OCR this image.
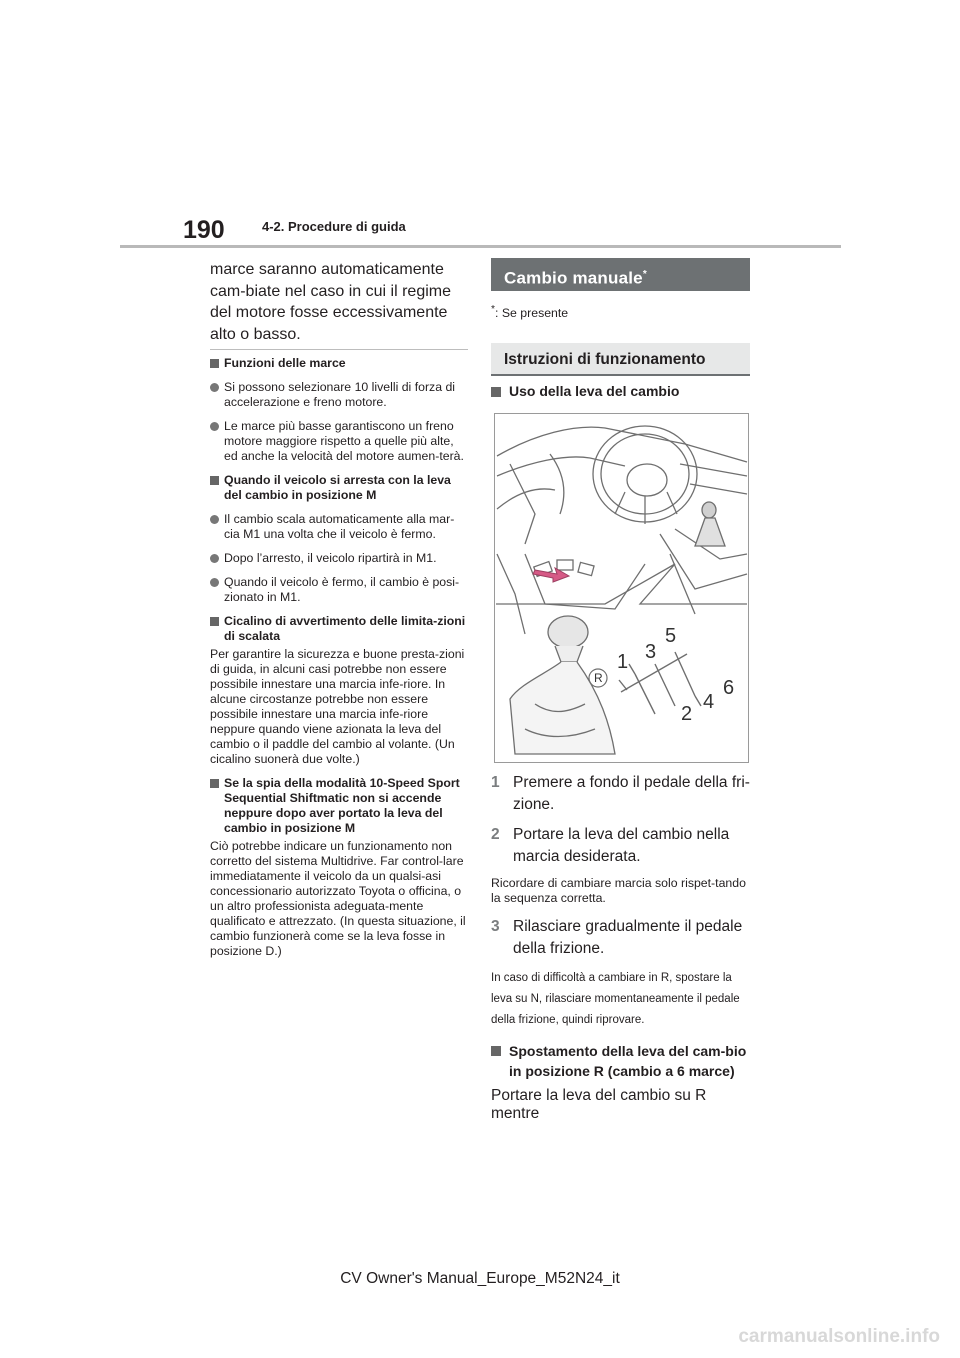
190	4-2. Procedure di guida
marce saranno automaticamente cam-biate nel caso in cui il regime del motore fosse eccessivamente alto o basso.
Funzioni delle marce
Si possono selezionare 10 livelli di forza di accelerazione e freno motore.
Le marce più basse garantiscono un freno motore maggiore rispetto a quelle più alte, ed anche la velocità del motore aumen-terà.
Quando il veicolo si arresta con la leva del cambio in posizione M
Il cambio scala automaticamente alla mar-cia M1 una volta che il veicolo è fermo.
Dopo l’arresto, il veicolo ripartirà in M1.
Quando il veicolo è fermo, il cambio è posi-zionato in M1.
Cicalino di avvertimento delle limita-zioni di scalata
Per garantire la sicurezza e buone presta-zioni di guida, in alcuni casi potrebbe non essere possibile innestare una marcia infe-riore. In alcune circostanze potrebbe non essere possibile innestare una marcia infe-riore neppure quando viene azionata la leva del cambio o il paddle del cambio al volante. (Un cicalino suonerà due volte.)
Se la spia della modalità 10-Speed Sport Sequential Shiftmatic non si accende neppure dopo aver portato la leva del cambio in posizione M
Ciò potrebbe indicare un funzionamento non corretto del sistema Multidrive. Far control-lare immediatamente il veicolo da un qualsi-asi concessionario autorizzato Toyota o officina, o un altro professionista adeguata-mente qualificato e attrezzato. (In questa situazione, il cambio funzionerà come se la leva fosse in posizione D.)
Cambio manuale*
*: Se presente
Istruzioni di funzionamento
Uso della leva del cambio
1
2
3
4
5
6
R
1 Premere a fondo il pedale della fri-zione.
2 Portare la leva del cambio nella marcia desiderata.
Ricordare di cambiare marcia solo rispet-tando la sequenza corretta.
3 Rilasciare gradualmente il pedale della frizione.
In caso di difficoltà a cambiare in R, spostare la leva su N, rilasciare momentaneamente il pedale della frizione, quindi riprovare.
Spostamento della leva del cam-bio in posizione R (cambio a 6 marce)
Portare la leva del cambio su R mentre
CV Owner's Manual_Europe_M52N24_it
carmanualsonline.info
